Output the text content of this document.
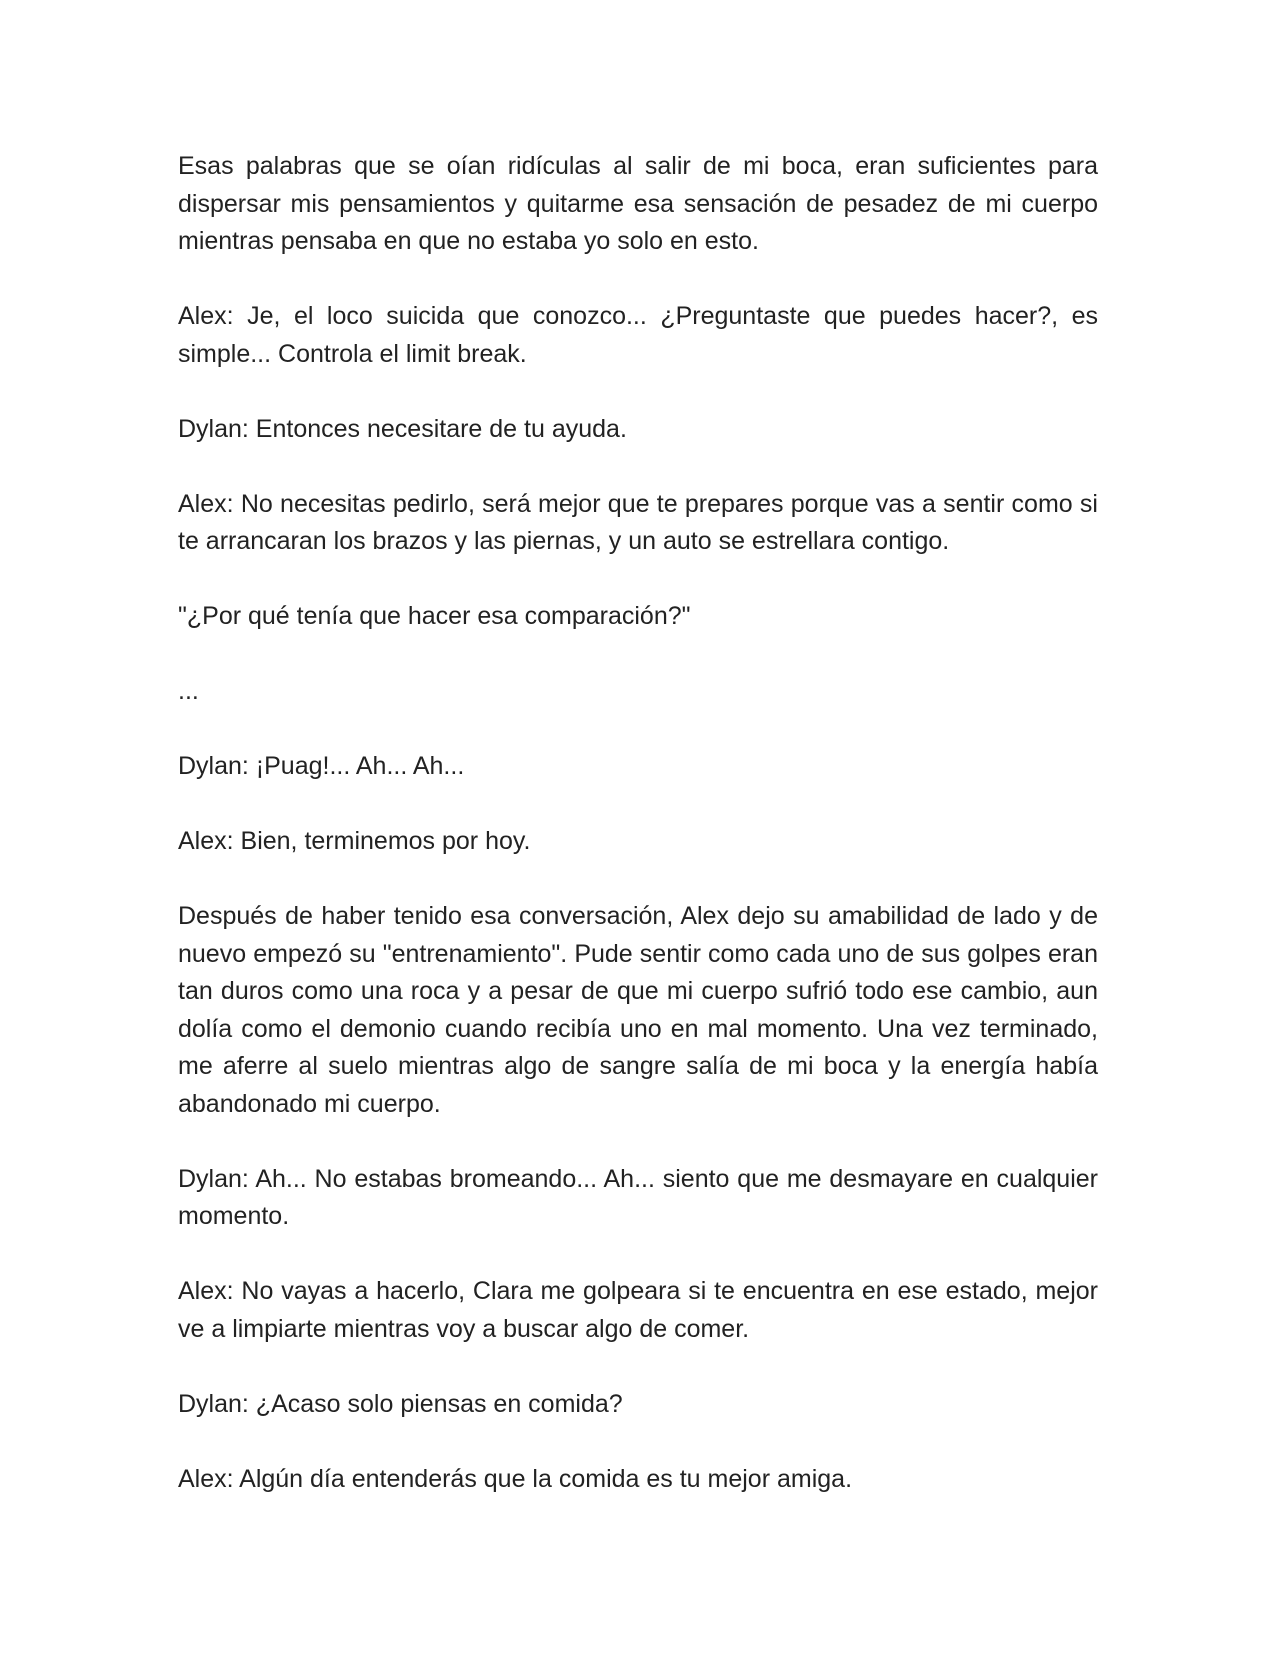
Esas palabras que se oían ridículas al salir de mi boca, eran suficientes para dispersar mis pensamientos y quitarme esa sensación de pesadez de mi cuerpo mientras pensaba en que no estaba yo solo en esto.

Alex: Je, el loco suicida que conozco... ¿Preguntaste que puedes hacer?, es simple... Controla el limit break.

Dylan: Entonces necesitare de tu ayuda.

Alex: No necesitas pedirlo, será mejor que te prepares porque vas a sentir como si te arrancaran los brazos y las piernas, y un auto se estrellara contigo.

"¿Por qué tenía que hacer esa comparación?"

...

Dylan: ¡Puag!... Ah... Ah...

Alex: Bien, terminemos por hoy.

Después de haber tenido esa conversación, Alex dejo su amabilidad de lado y de nuevo empezó su "entrenamiento". Pude sentir como cada uno de sus golpes eran tan duros como una roca y a pesar de que mi cuerpo sufrió todo ese cambio, aun dolía como el demonio cuando recibía uno en mal momento. Una vez terminado, me aferre al suelo mientras algo de sangre salía de mi boca y la energía había abandonado mi cuerpo.

Dylan: Ah... No estabas bromeando... Ah... siento que me desmayare en cualquier momento.

Alex: No vayas a hacerlo, Clara me golpeara si te encuentra en ese estado, mejor ve a limpiarte mientras voy a buscar algo de comer.

Dylan: ¿Acaso solo piensas en comida?

Alex: Algún día entenderás que la comida es tu mejor amiga.
